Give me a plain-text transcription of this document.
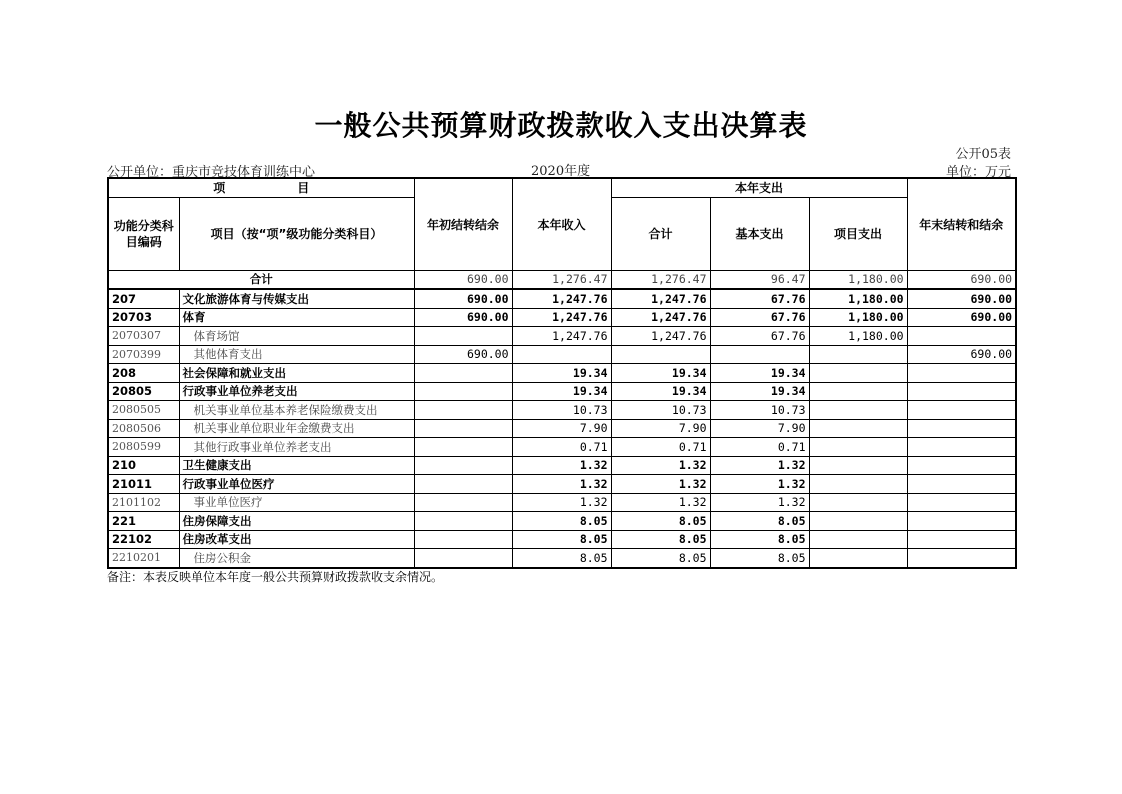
一般公共预算财政拨款收入支出决算表
公开05表
公开单位：重庆市竞技体育训练中心	2020年度	单位：万元
项　　　　　　目		年初结转结余	本年收入	本年支出			年末结转和结余
功能分类科目编码	项目（按“项”级功能分类科目）			合计	基本支出	项目支出	
合计		690.00	1,276.47	1,276.47	96.47	1,180.00	690.00
207	文化旅游体育与传媒支出	690.00	1,247.76	1,247.76	67.76	1,180.00	690.00
20703	体育	690.00	1,247.76	1,247.76	67.76	1,180.00	690.00
2070307	体育场馆		1,247.76	1,247.76	67.76	1,180.00	
2070399	其他体育支出	690.00					690.00
208	社会保障和就业支出		19.34	19.34	19.34		
20805	行政事业单位养老支出		19.34	19.34	19.34		
2080505	机关事业单位基本养老保险缴费支出		10.73	10.73	10.73		
2080506	机关事业单位职业年金缴费支出		7.90	7.90	7.90		
2080599	其他行政事业单位养老支出		0.71	0.71	0.71		
210	卫生健康支出		1.32	1.32	1.32		
21011	行政事业单位医疗		1.32	1.32	1.32		
2101102	事业单位医疗		1.32	1.32	1.32		
221	住房保障支出		8.05	8.05	8.05		
22102	住房改革支出		8.05	8.05	8.05		
2210201	住房公积金		8.05	8.05	8.05		
备注：本表反映单位本年度一般公共预算财政拨款收支余情况。
